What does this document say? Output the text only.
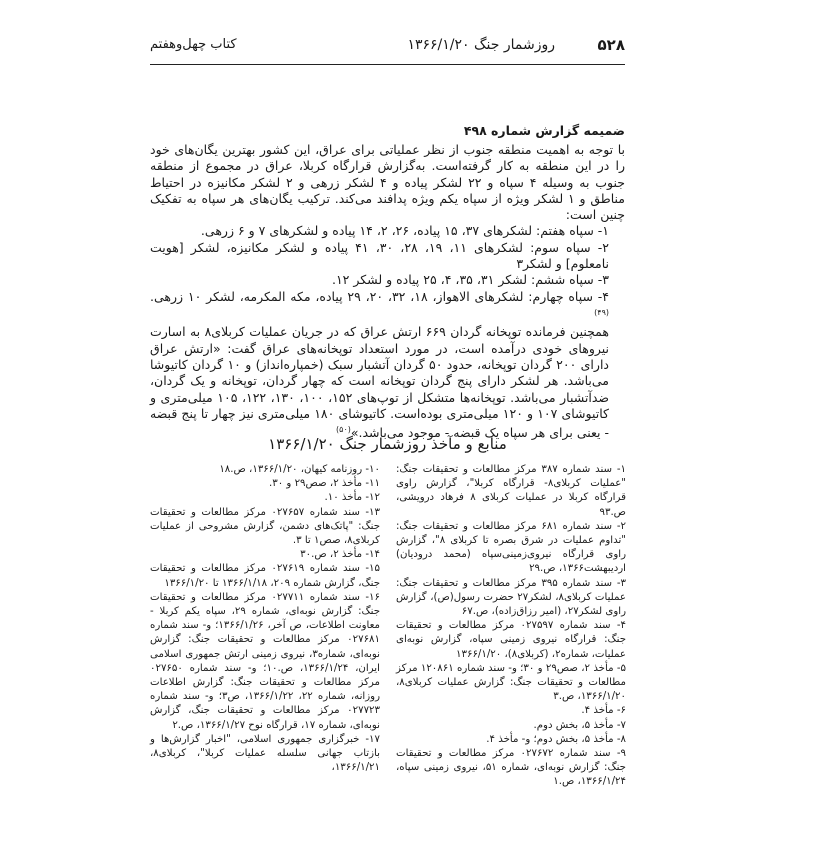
۵۲۸
روزشمار جنگ ۱۳۶۶/۱/۲۰
کتاب چهل‌وهفتم
ضمیمه گزارش شماره ۴۹۸

با توجه به اهمیت منطقه جنوب از نظر عملیاتی برای عراق، این کشور بهترین یگان‌های خود را در این منطقه به کار گرفته‌است. به‌گزارش قرارگاه کربلا، عراق در مجموع از منطقه جنوب به وسیله ۴ سپاه و ۲۲ لشکر پیاده و ۴ لشکر زرهی و ۲ لشکر مکانیزه در احتیاط مناطق و ۱ لشکر ویژه از سپاه یکم ویژه پدافند می‌کند. ترکیب یگان‌های هر سپاه به تفکیک چنین است:

۱- سپاه هفتم: لشکرهای ۳۷، ۱۵ پیاده، ۲۶، ۲، ۱۴ پیاده و لشکرهای ۷ و ۶ زرهی.

۲- سپاه سوم: لشکرهای ۱۱، ۱۹، ۲۸، ۳۰، ۴۱ پیاده و لشکر مکانیزه، لشکر [هویت نامعلوم] و لشکر۳

۳- سپاه ششم: لشکر ۳۱، ۳۵، ۴، ۲۵ پیاده و لشکر ۱۲.

۴- سپاه چهارم: لشکرهای الاهواز، ۱۸، ۳۲، ۲۰، ۲۹ پیاده، مکه المکرمه، لشکر ۱۰ زرهی.$^{(۴۹)}$

همچنین فرمانده توپخانه گردان ۶۶۹ ارتش عراق که در جریان عملیات کربلای۸ به اسارت نیروهای خودی درآمده است، در مورد استعداد توپخانه‌های عراق گفت: «ارتش عراق دارای ۲۰۰ گردان توپخانه، حدود ۵۰ گردان آتشبار سبک (خمپاره‌انداز) و ۱۰ گردان کاتیوشا می‌باشد. هر لشکر دارای پنج گردان توپخانه است که چهار گردان، توپخانه و یک گردان، ضدآتشبار می‌باشد. توپخانه‌ها متشکل از توپ‌های ۱۵۲، ۱۰۰، ۱۳۰، ۱۲۲، ۱۰۵ میلی‌متری و کاتیوشای ۱۰۷ و ۱۲۰ میلی‌متری بوده‌است. کاتیوشای ۱۸۰ میلی‌متری نیز چهار تا پنج قبضه - یعنی برای هر سپاه یک قبضه - موجود می‌باشد.»$^{(۵۰)}$

منابع و مآخذ روزشمار جنگ ۱۳۶۶/۱/۲۰

۱- سند شماره ۳۸۷ مرکز مطالعات و تحقیقات جنگ: "عملیات کربلای۸- قرارگاه کربلا"، گزارش راوی قرارگاه کربلا در عملیات کربلای ۸ فرهاد درویشی، ص.۹۳

۲- سند شماره ۶۸۱ مرکز مطالعات و تحقیقات جنگ: "تداوم عملیات در شرق بصره تا کربلای ۸"، گزارش راوی قرارگاه نیروی‌زمینی‌سپاه (محمد درودیان) اردیبهشت۱۳۶۶، ص.۲۹

۳- سند شماره ۳۹۵ مرکز مطالعات و تحقیقات جنگ: عملیات کربلای۸، لشکر۲۷ حضرت رسول(ص)، گزارش راوی لشکر۲۷، (امیر رزاق‌زاده)، ص.۶۷

۴- سند شماره ۰۲۷۵۹۷ مرکز مطالعات و تحقیقات جنگ: قرارگاه نیروی زمینی سپاه، گزارش نوبه‌ای عملیات، شماره۲، (کربلای۸)، ۱۳۶۶/۱/۲۰

۵- مأخذ ۲، صص۲۹ و ۳۰؛ و- سند شماره ۱۲۰۸۶۱ مرکز مطالعات و تحقیقات جنگ: گزارش عملیات کربلای۸، ۱۳۶۶/۱/۲۰، ص.۳

۶- مأخذ ۴.

۷- مأخذ ۵، بخش دوم.

۸- مأخذ ۵، بخش دوم؛ و- مأخذ ۴.

۹- سند شماره ۰۲۷۶۷۲ مرکز مطالعات و تحقیقات جنگ: گزارش نوبه‌ای، شماره ۵۱، نیروی زمینی سپاه، ۱۳۶۶/۱/۲۴، ص.۱

۱۰- روزنامه کیهان، ۱۳۶۶/۱/۲۰، ص.۱۸

۱۱- مأخذ ۲، صص۲۹ و ۳۰.

۱۲- مأخذ ۱۰.

۱۳- سند شماره ۰۲۷۶۵۷ مرکز مطالعات و تحقیقات جنگ: "پاتک‌های دشمن، گزارش مشروحی از عملیات کربلای۸، صص۱ تا ۳.

۱۴- مأخذ ۲، ص.۳۰

۱۵- سند شماره ۰۲۷۶۱۹ مرکز مطالعات و تحقیقات جنگ، گزارش شماره ۲۰۹، ۱۳۶۶/۱/۱۸ تا ۱۳۶۶/۱/۲۰

۱۶- سند شماره ۰۲۷۷۱۱ مرکز مطالعات و تحقیقات جنگ: گزارش نوبه‌ای، شماره ۲۹، سپاه یکم کربلا - معاونت اطلاعات، ص آخر، ۱۳۶۶/۱/۲۶؛ و- سند شماره ۰۲۷۶۸۱ مرکز مطالعات و تحقیقات جنگ: گزارش نوبه‌ای، شماره۳، نیروی زمینی ارتش جمهوری اسلامی ایران، ۱۳۶۶/۱/۲۴، ص.۱۰؛ و- سند شماره ۰۲۷۶۵۰ مرکز مطالعات و تحقیقات جنگ: گزارش اطلاعات روزانه، شماره ۲۲، ۱۳۶۶/۱/۲۲، ص۳؛ و- سند شماره ۰۲۷۷۲۳ مرکز مطالعات و تحقیقات جنگ، گزارش نوبه‌ای، شماره ۱۷، قرارگاه نوح ۱۳۶۶/۱/۲۷، ص.۲

۱۷- خبرگزاری جمهوری اسلامی، "اخبار گزارش‌ها و بازتاب جهانی سلسله عملیات کربلا"، کربلای۸، ۱۳۶۶/۱/۲۱،
